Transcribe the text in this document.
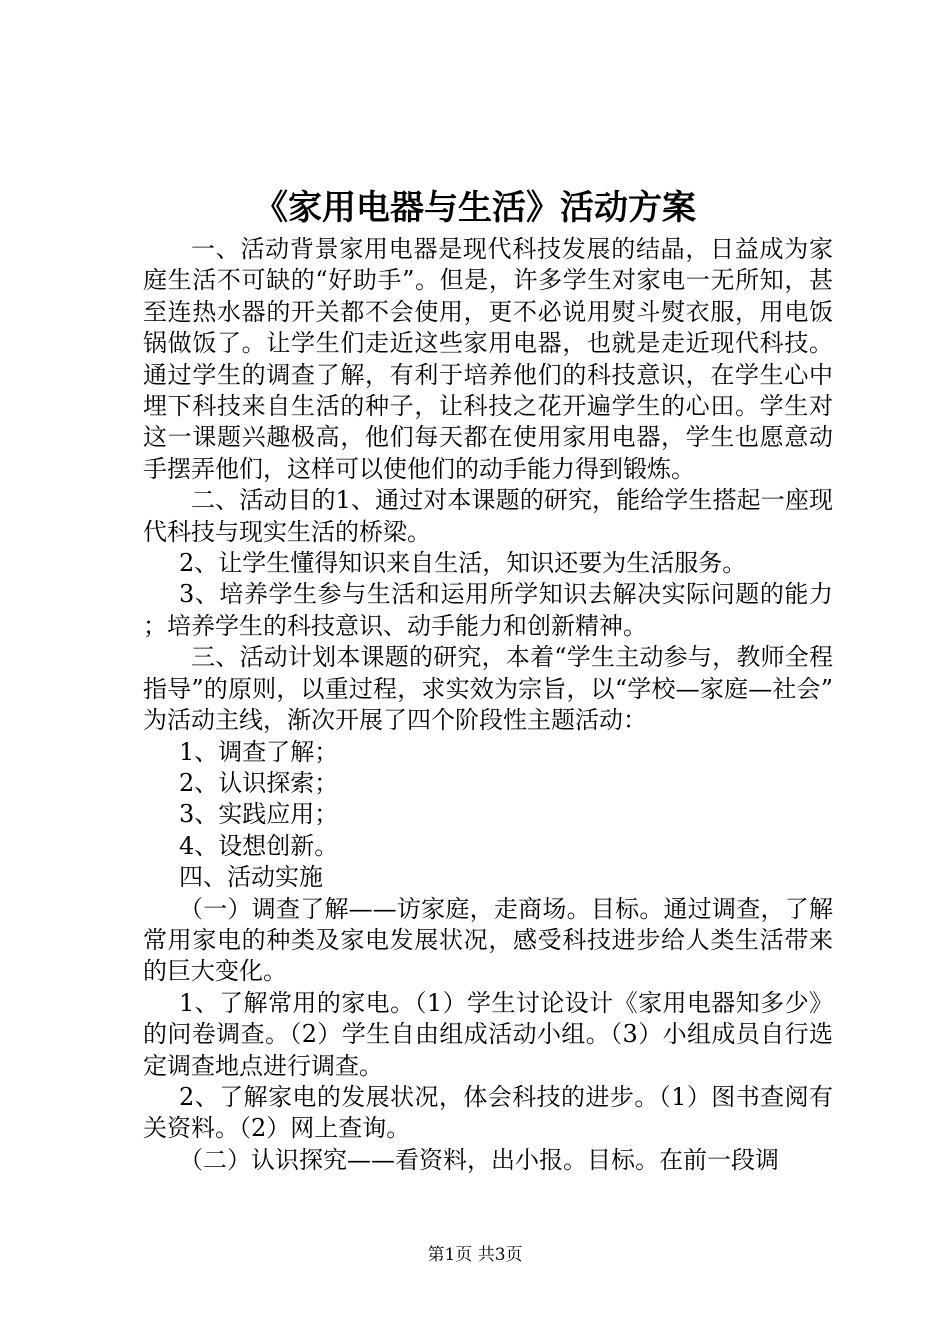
《家用电器与生活》活动方案

一、活动背景家用电器是现代科技发展的结晶，日益成为家庭生活不可缺的“好助手”。但是，许多学生对家电一无所知，甚至连热水器的开关都不会使用，更不必说用熨斗熨衣服，用电饭锅做饭了。让学生们走近这些家用电器，也就是走近现代科技。通过学生的调查了解，有利于培养他们的科技意识，在学生心中埋下科技来自生活的种子，让科技之花开遍学生的心田。学生对这一课题兴趣极高，他们每天都在使用家用电器，学生也愿意动手摆弄他们，这样可以使他们的动手能力得到锻炼。

二、活动目的1、通过对本课题的研究，能给学生搭起一座现代科技与现实生活的桥梁。

2、让学生懂得知识来自生活，知识还要为生活服务。

3、培养学生参与生活和运用所学知识去解决实际问题的能力；培养学生的科技意识、动手能力和创新精神。

三、活动计划本课题的研究，本着“学生主动参与，教师全程指导”的原则，以重过程，求实效为宗旨，以“学校—家庭—社会”为活动主线，渐次开展了四个阶段性主题活动：

1、调查了解；

2、认识探索；

3、实践应用；

4、设想创新。

四、活动实施

（一）调查了解——访家庭，走商场。目标。通过调查，了解常用家电的种类及家电发展状况，感受科技进步给人类生活带来的巨大变化。

1、了解常用的家电。（1）学生讨论设计《家用电器知多少》的问卷调查。（2）学生自由组成活动小组。（3）小组成员自行选定调查地点进行调查。

2、了解家电的发展状况，体会科技的进步。（1）图书查阅有关资料。（2）网上查询。

（二）认识探究——看资料，出小报。目标。在前一段调

第1页 共3页
